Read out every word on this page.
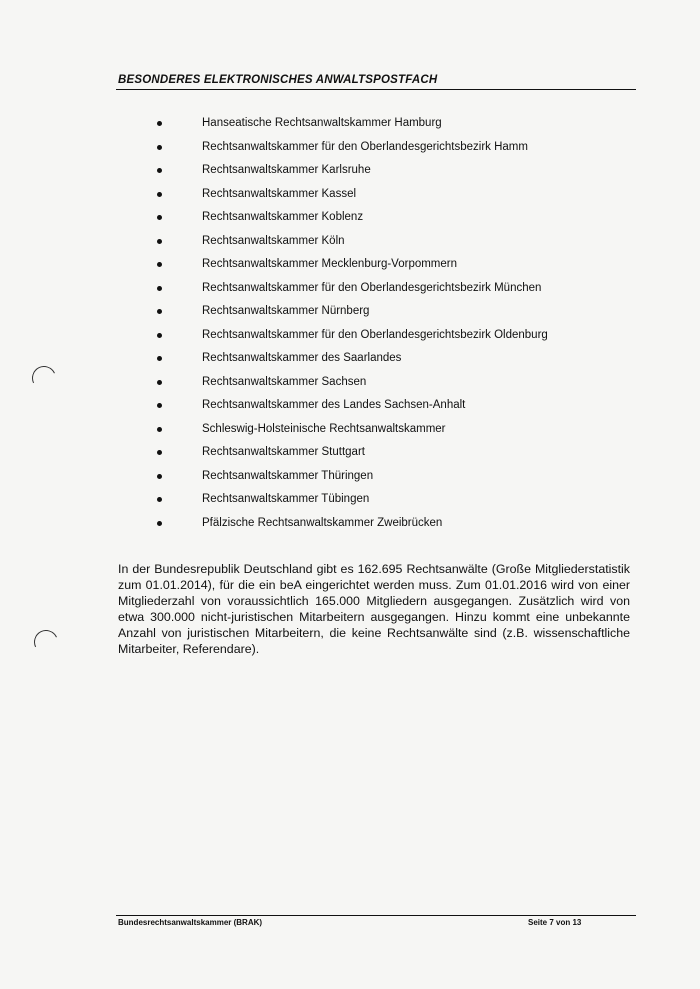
BESONDERES ELEKTRONISCHES ANWALTSPOSTFACH
Hanseatische Rechtsanwaltskammer Hamburg
Rechtsanwaltskammer für den Oberlandesgerichtsbezirk Hamm
Rechtsanwaltskammer Karlsruhe
Rechtsanwaltskammer Kassel
Rechtsanwaltskammer Koblenz
Rechtsanwaltskammer Köln
Rechtsanwaltskammer Mecklenburg-Vorpommern
Rechtsanwaltskammer für den Oberlandesgerichtsbezirk München
Rechtsanwaltskammer Nürnberg
Rechtsanwaltskammer für den Oberlandesgerichtsbezirk Oldenburg
Rechtsanwaltskammer des Saarlandes
Rechtsanwaltskammer Sachsen
Rechtsanwaltskammer des Landes Sachsen-Anhalt
Schleswig-Holsteinische Rechtsanwaltskammer
Rechtsanwaltskammer Stuttgart
Rechtsanwaltskammer Thüringen
Rechtsanwaltskammer Tübingen
Pfälzische Rechtsanwaltskammer Zweibrücken

In der Bundesrepublik Deutschland gibt es 162.695 Rechtsanwälte (Große Mitgliederstatistik zum 01.01.2014), für die ein beA eingerichtet werden muss. Zum 01.01.2016 wird von einer Mitgliederzahl von voraussichtlich 165.000 Mitgliedern ausgegangen. Zusätzlich wird von etwa 300.000 nicht-juristischen Mitarbeitern ausgegangen. Hinzu kommt eine unbekannte Anzahl von juristischen Mitarbeitern, die keine Rechtsanwälte sind (z.B. wissenschaftliche Mitarbeiter, Referendare).

Bundesrechtsanwaltskammer (BRAK)	Seite 7 von 13
